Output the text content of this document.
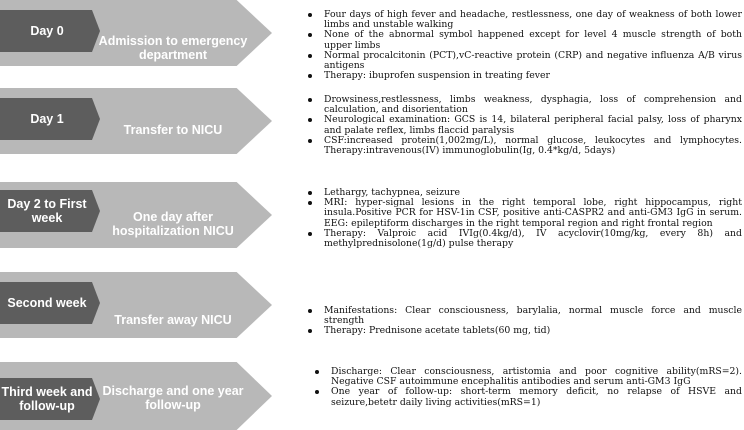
Day 0
Admission to emergency department
Four days of high fever and headache, restlessness, one day of weakness of both lower limbs and unstable walking
None of the abnormal symbol happened except for level 4 muscle strength of both upper limbs
Normal procalcitonin (PCT),vC-reactive protein (CRP) and negative influenza A/B virus antigens
Therapy: ibuprofen suspension in treating fever
Day 1
Transfer to NICU
Drowsiness,restlessness, limbs weakness, dysphagia, loss of comprehension and calculation, and disorientation
Neurological examination: GCS is 14, bilateral peripheral facial palsy, loss of pharynx and palate reflex, limbs flaccid paralysis
CSF:increased protein(1,002mg/L), normal glucose, leukocytes and lymphocytes. Therapy:intravenous(IV) immunoglobulin(Ig, 0.4*kg/d, 5days)
Day 2 to First week	One day after hospitalization NICU
Lethargy, tachypnea, seizure
MRI: hyper-signal lesions in the right temporal lobe, right hippocampus, right insula.Positive PCR for HSV-1in CSF, positive anti-CASPR2 and anti-GM3 IgG in serum. EEG: epileptiform discharges in the right temporal region and right frontal region
Therapy: Valproic acid IVIg(0.4kg/d), IV acyclovir(10mg/kg, every 8h) and methylprednisolone(1g/d) pulse therapy
Second week
Transfer away NICU
Manifestations: Clear consciousness, barylalia, normal muscle force and muscle strength
Therapy: Prednisone acetate tablets(60 mg, tid)
Third week and follow-up
Discharge and one year follow-up
Discharge: Clear consciousness, artistomia and poor cognitive ability(mRS=2). Negative CSF autoimmune encephalitis antibodies and serum anti-GM3 IgG
One year of follow-up: short-term memory deficit, no relapse of HSVE and seizure,betetr daily living activities(mRS=1)
